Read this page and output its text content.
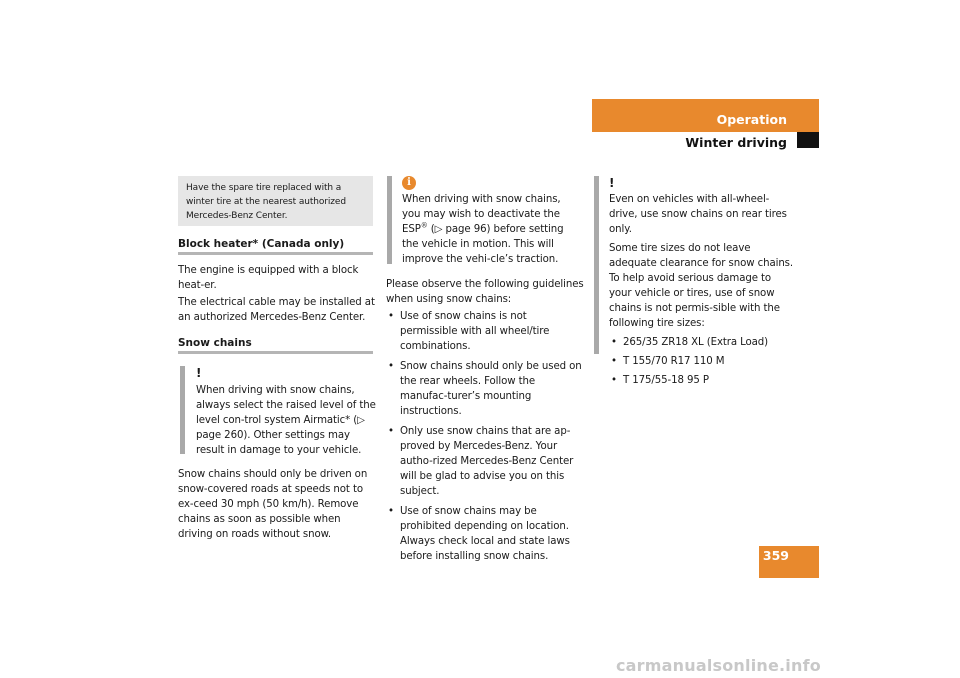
Operation
Winter driving
Have the spare tire replaced with a winter tire at the nearest authorized Mercedes-Benz Center.
Block heater* (Canada only)
The engine is equipped with a block heat-er.
The electrical cable may be installed at an authorized Mercedes-Benz Center.
Snow chains
!
When driving with snow chains, always select the raised level of the level con-trol system Airmatic* (▷ page 260). Other settings may result in damage to your vehicle.
Snow chains should only be driven on snow-covered roads at speeds not to ex-ceed 30 mph (50 km/h). Remove chains as soon as possible when driving on roads without snow.
i
When driving with snow chains, you may wish to deactivate the ESP® (▷ page 96) before setting the vehicle in motion. This will improve the vehi-cle’s traction.
Please observe the following guidelines when using snow chains:
• Use of snow chains is not permissible with all wheel/tire combinations.
• Snow chains should only be used on the rear wheels. Follow the manufac-turer’s mounting instructions.
• Only use snow chains that are ap-proved by Mercedes-Benz. Your autho-rized Mercedes-Benz Center will be glad to advise you on this subject.
• Use of snow chains may be prohibited depending on location. Always check local and state laws before installing snow chains.
!
Even on vehicles with all-wheel-drive, use snow chains on rear tires only.
Some tire sizes do not leave adequate clearance for snow chains. To help avoid serious damage to your vehicle or tires, use of snow chains is not permis-sible with the following tire sizes:
• 265/35 ZR18 XL (Extra Load)
• T 155/70 R17 110 M
• T 175/55-18 95 P
359
carmanualsonline.info
